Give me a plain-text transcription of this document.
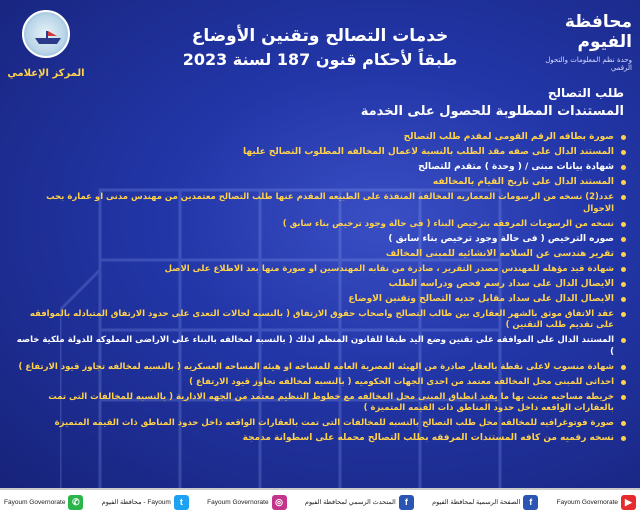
المركز الإعلامي
محافظة الفيوم
وحدة نظم المعلومات والتحول الرقمي
خدمات التصالح وتقنين الأوضاع
طبقاً لأحكام قنون 187 لسنة 2023
طلب التصالح
المستندات المطلوبة للحصول على الخدمة
صورة بطاقه الرقم القومى لمقدم طلب التصالح
المستند الدال على صفه مقد الطلب بالنسبة لاعمال المخالفه المطلوب التصالح عليها
شهادة بيانات مبنى / ( وحدة ) متقدم للتصالح
المستند الدال على تاريخ القيام بالمخالفه
عدد(2) نسخه من الرسومات المعماريه المخالفه المنفذة على الطبيعه المقدم عنها طلب التصالح معتمدين من مهندس مدنى او عمارة بحب الاجوال
نسخه من الرسومات المرفقه بترخيص البناء ( فى حالة وجود ترخيص بناء سابق )
صوره الترخيص ( فى حالة وجود ترخيص بناء سابق )
تقرير هندسى عن السلامه الانشائيه للمبنى المخالف
شهادة قيد مؤهله للمهندس مصدر التقرير ، صادرة من نقابه المهندسين او صورة منها بعد الاطلاع على الاصل
الايصال الدال على سداد رسم فحص ودراسه الطلب
الايصال الدال على سداد مقابل جديه التصالح وتقنين الاوضاع
عقد الاتفاق موثق بالشهر العقارى بين طالب التصالح واصحاب حقوق الارتفاق ( بالنسبه لحالات التعدى على حدود الارتفاق المتبادله بالموافقه على تقديم طلب التقنين )
المستند الدال على الموافقه على تقنين وضع اليد طبقا للقانون المنظم لذلك ( بالنسبه لمخالفه بالبناء على الاراضى المملوكه للدولة ملكية خاصه )
شهادة منسوب لاعلى نقطة بالعقار صادرة من الهيئه المصرية العامه للمساحه او هيئه المساحه العسكريه ( بالنسبه لمخالفه تجاوز قيود الارتفاع )
احداثى للمبنى محل المخالفه معتمد من احدى الجهات الحكوميه ( بالنسبه لمخالفه تجاوز قيود الارتفاع )
خريطه مساحيه مثبت بها ما يفيد انطباق المبنى محل المخالفه مع خطوط التنظيم معتمد من الجهه الادارية ( بالنسبه للمخالفات التى تمت بالعقارات الواقعه داخل حدود المناطق ذات القيمه المتميزة )
صورة فوتوغرافيه للمخالفه محل طلب التصالح بالنسبه للمخالفات التى تمت بالعقارات الواقعه داخل حدود المناطق ذات القيمه المتميزة
نسخه رقميه من كافه المستندات المرفقه بطلب التصالح محمله على اسطوانة مدمجة
Fayoum Governorate ▶
الصفحة الرسمية لمحافظة الفيوم	f
المتحدث الرسمي لمحافظة الفيوم	f
Fayoum Governorate ◎
محافظة الفيوم - Fayoum	t
Fayoum Governorate ✆
